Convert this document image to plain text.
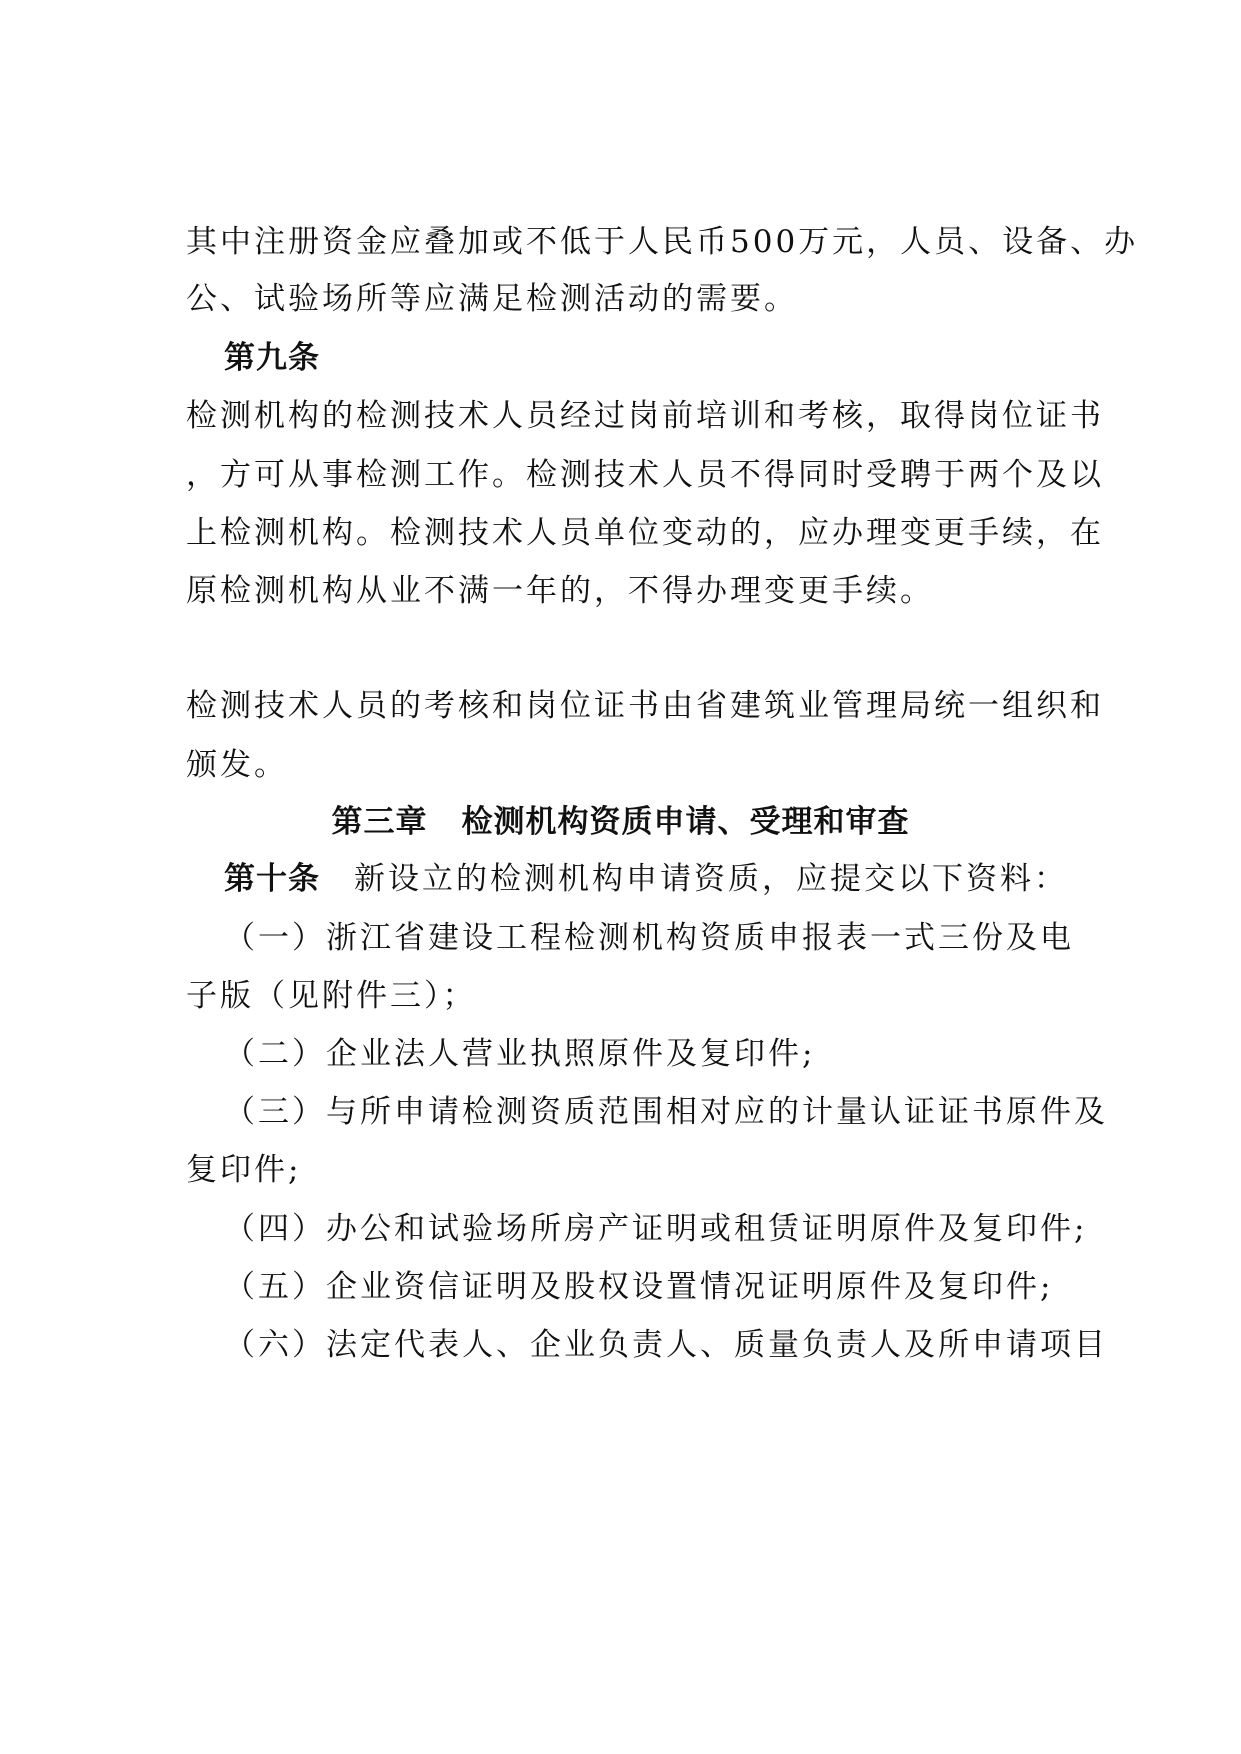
其中注册资金应叠加或不低于人民币500万元，人员、设备、办
公、试验场所等应满足检测活动的需要。
第九条
检测机构的检测技术人员经过岗前培训和考核，取得岗位证书
，方可从事检测工作。检测技术人员不得同时受聘于两个及以
上检测机构。检测技术人员单位变动的，应办理变更手续，在
原检测机构从业不满一年的，不得办理变更手续。
检测技术人员的考核和岗位证书由省建筑业管理局统一组织和
颁发。
第三章 检测机构资质申请、受理和审查
第十条 新设立的检测机构申请资质，应提交以下资料：
（一）浙江省建设工程检测机构资质申报表一式三份及电
子版（见附件三）；
（二）企业法人营业执照原件及复印件;
（三）与所申请检测资质范围相对应的计量认证证书原件及
复印件;
（四）办公和试验场所房产证明或租赁证明原件及复印件;
（五）企业资信证明及股权设置情况证明原件及复印件;
（六）法定代表人、企业负责人、质量负责人及所申请项目
